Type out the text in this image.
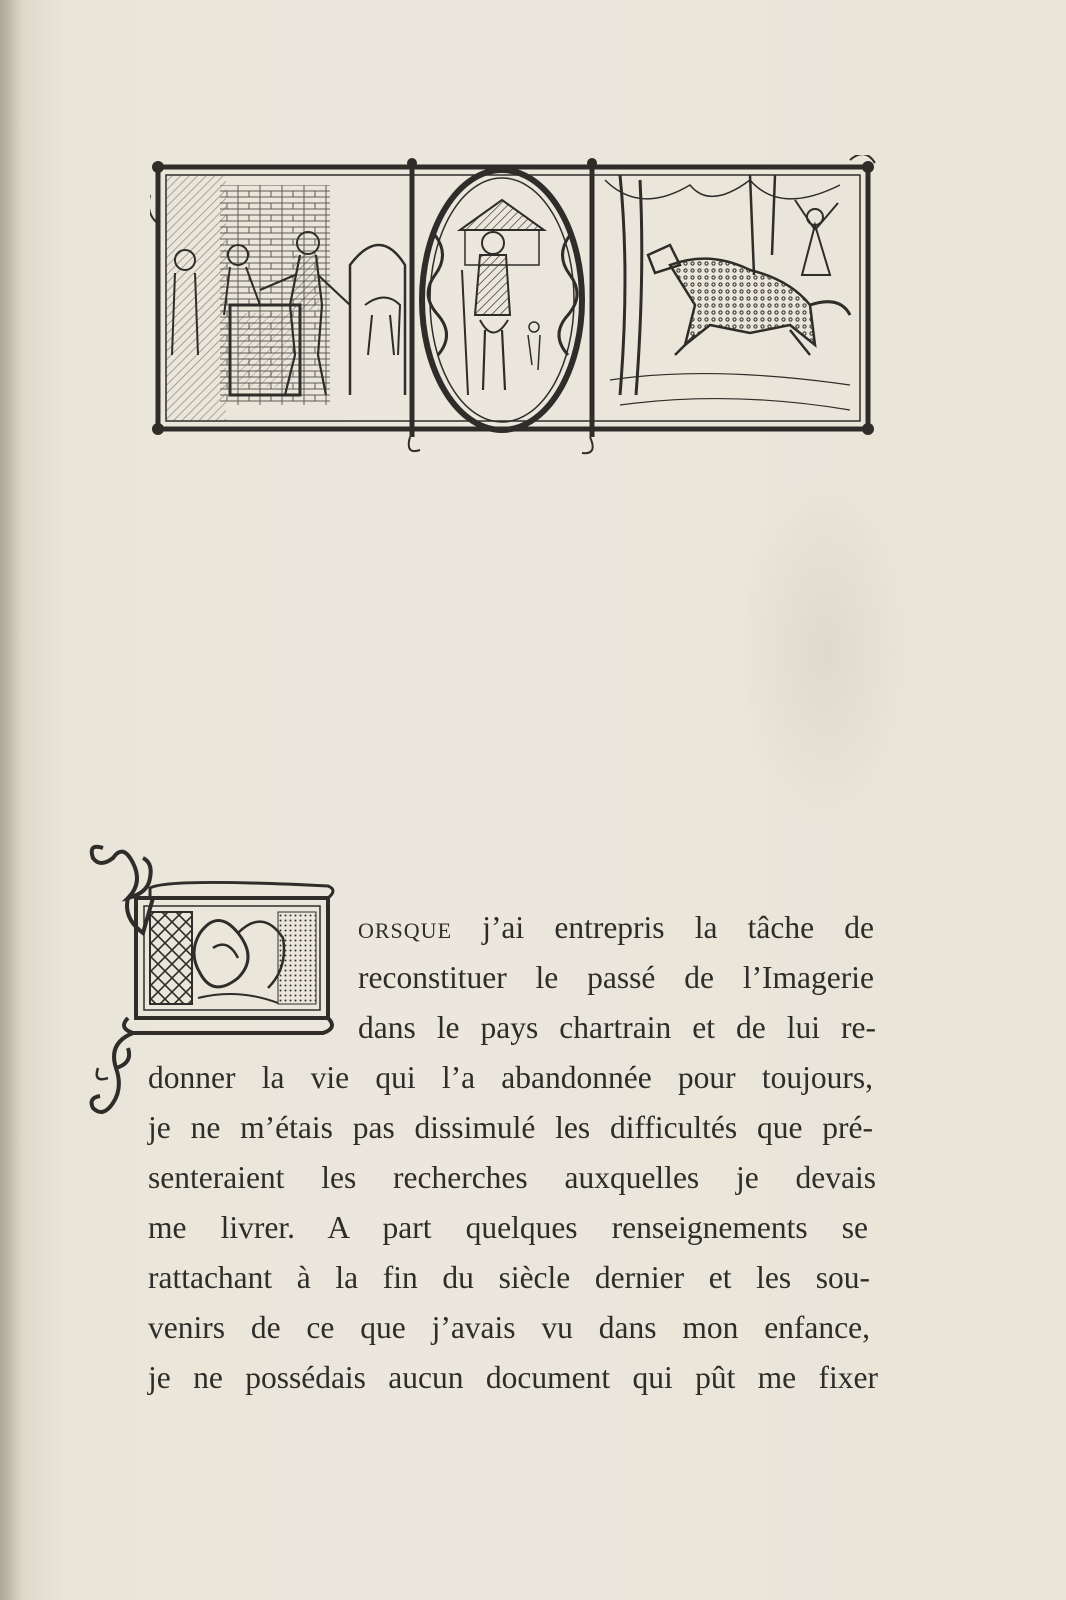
orsque j’ai entrepris la tâche de
reconstituer le passé de l’Imagerie
dans le pays chartrain et de lui re-
donner la vie qui l’a abandonnée pour toujours,
je ne m’étais pas dissimulé les difficultés que pré-
senteraient les recherches auxquelles je devais
me livrer. A part quelques renseignements se
rattachant à la fin du siècle dernier et les sou-
venirs de ce que j’avais vu dans mon enfance,
je ne possédais aucun document qui pût me fixer
